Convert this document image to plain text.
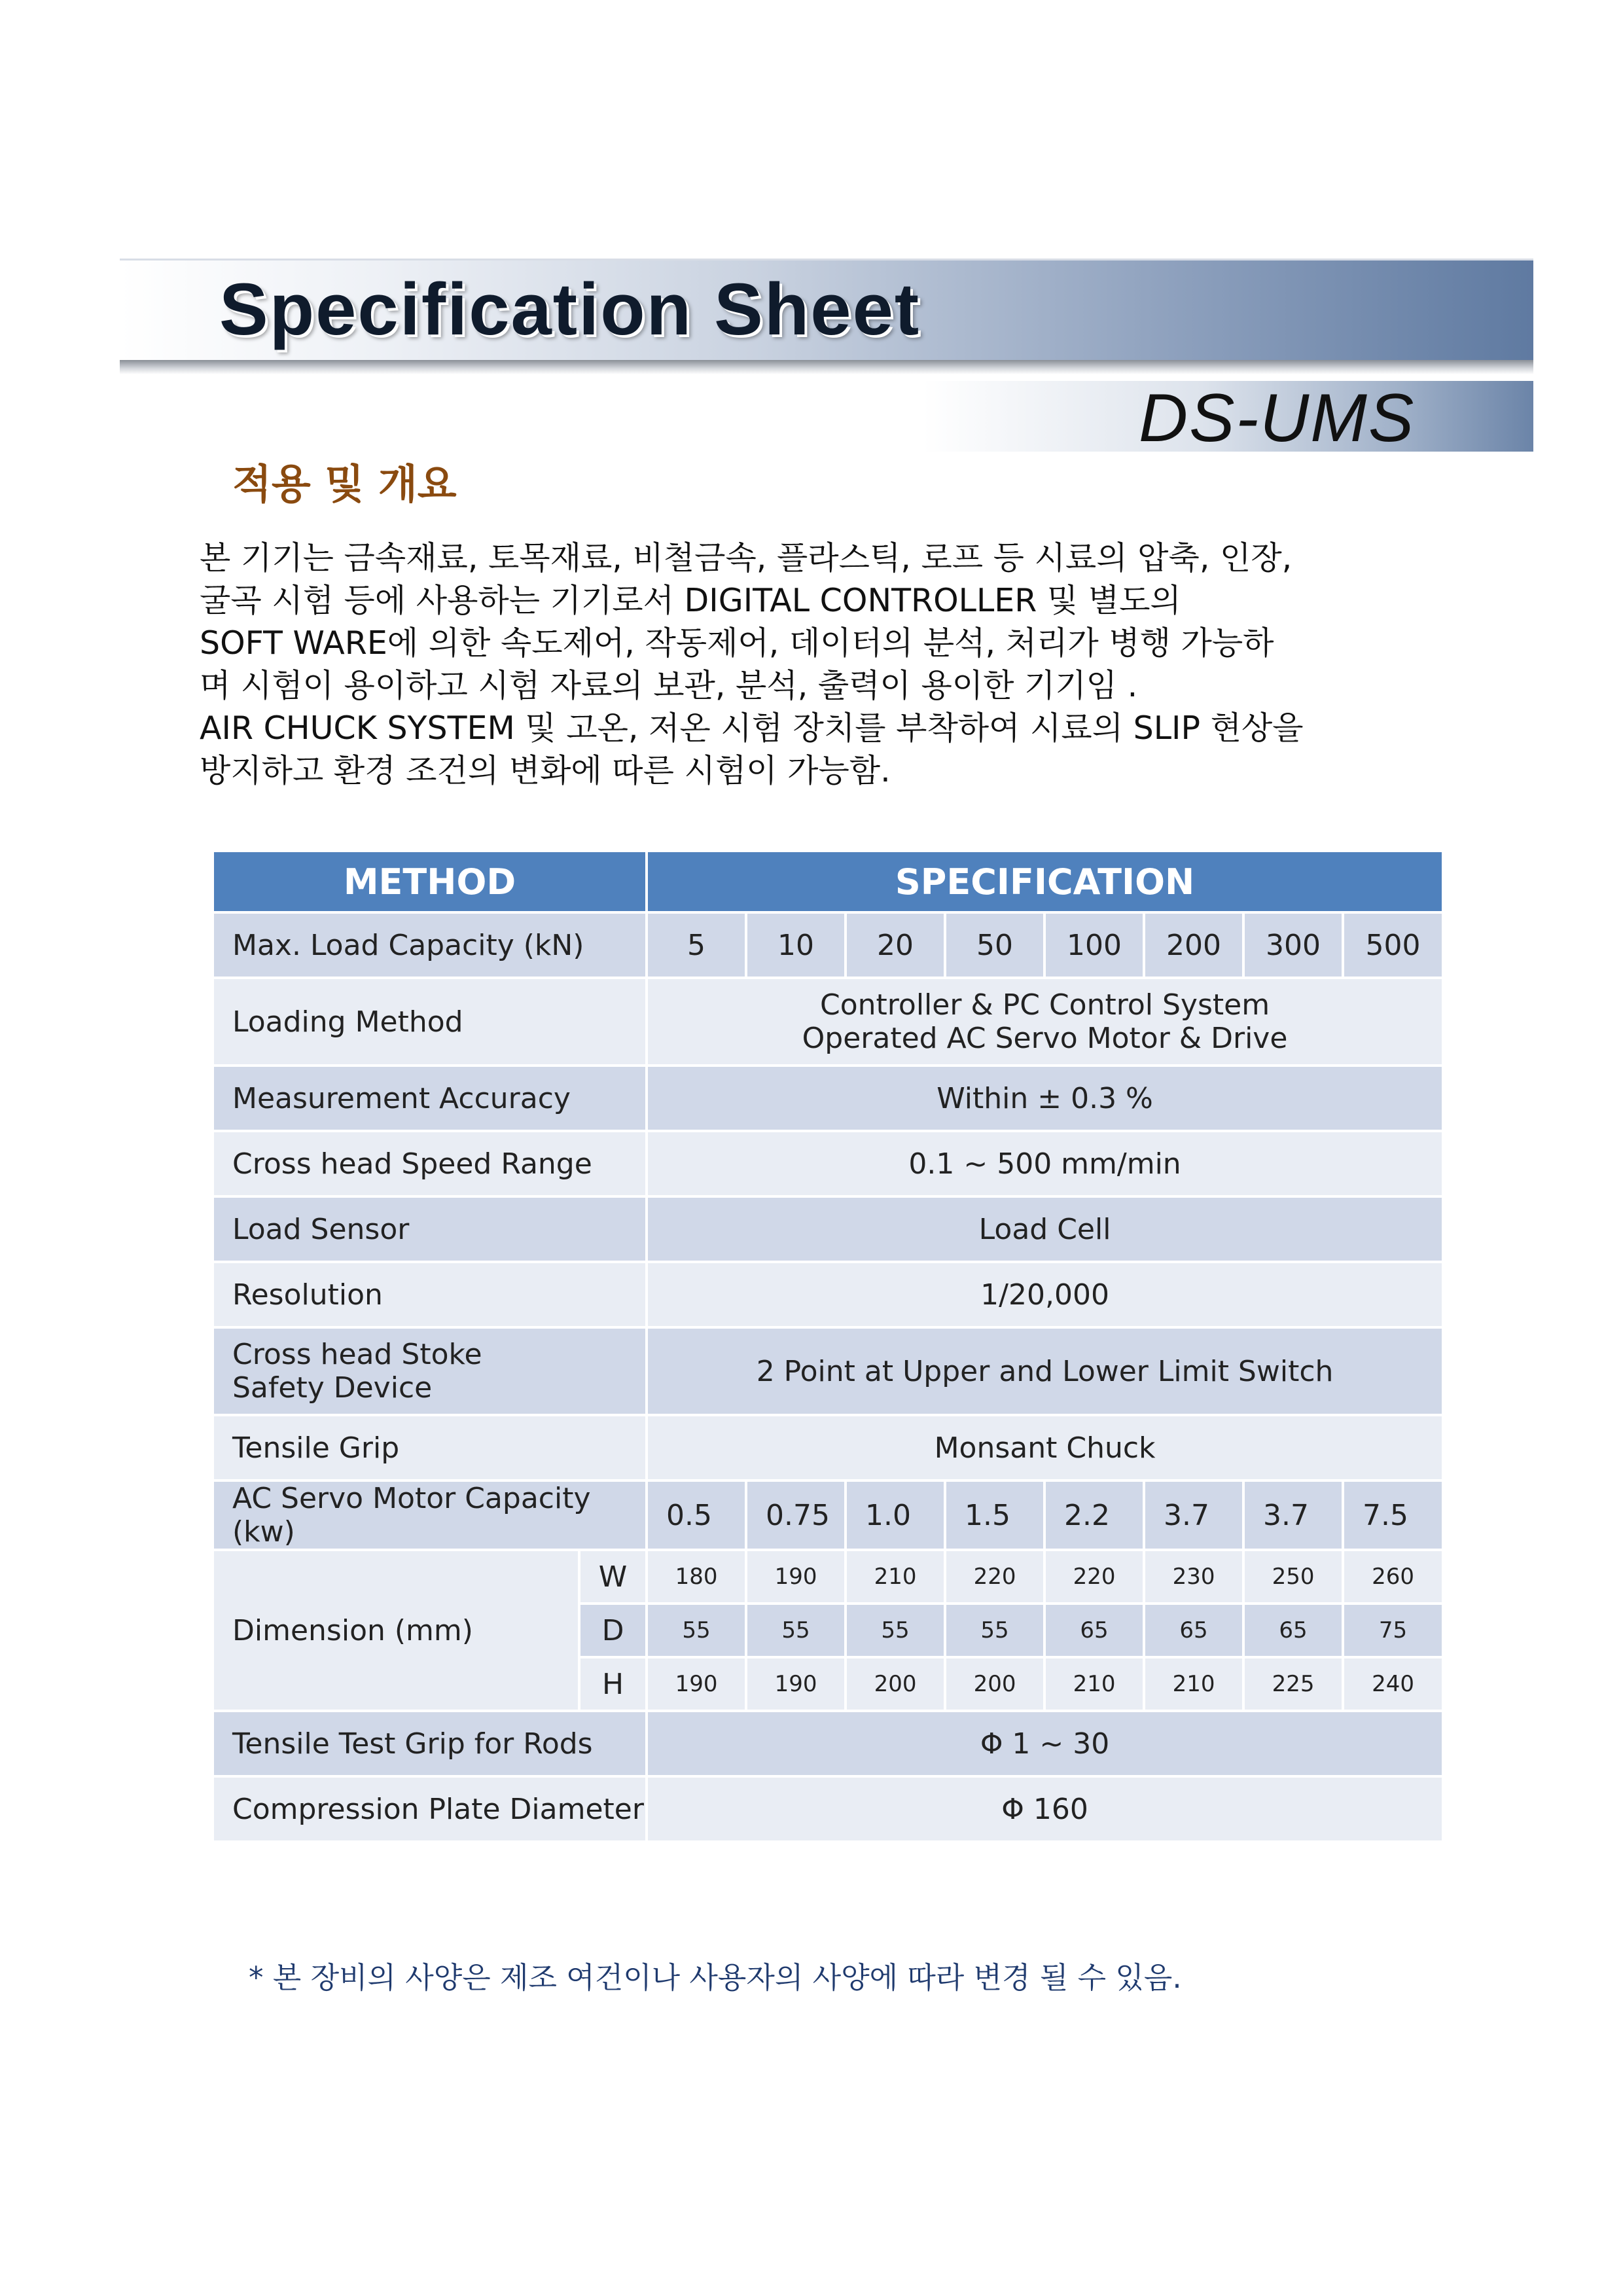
Specification Sheet
DS-UMS
적용 및 개요
본 기기는 금속재료, 토목재료, 비철금속, 플라스틱, 로프 등 시료의 압축, 인장,
굴곡 시험 등에 사용하는 기기로서 DIGITAL CONTROLLER 및 별도의
SOFT WARE에 의한 속도제어, 작동제어, 데이터의 분석, 처리가 병행 가능하
며 시험이 용이하고 시험 자료의 보관, 분석, 출력이 용이한 기기임 .
AIR CHUCK SYSTEM 및 고온, 저온 시험 장치를 부착하여 시료의 SLIP 현상을
방지하고 환경 조건의 변화에 따른 시험이 가능함.
METHOD		SPECIFICATION							
Max. Load Capacity (kN)		5	10	20	50	100	200	300	500
Loading Method		Controller & PC Control System
Operated AC Servo Motor & Drive							

Measurement Accuracy		Within ± 0.3 %							
Cross head Speed Range		0.1 ~ 500 mm/min							
Load Sensor		Load Cell							
Resolution		1/20,000							
Cross head Stoke Safety Device		2 Point at Upper and Lower Limit Switch							
Tensile Grip		Monsant Chuck							
AC Servo Motor Capacity (kw)		0.5	0.75	1.0	1.5	2.2	3.7	3.7	7.5
Dimension (mm)	W	180	190	210	220	220	230	250	260
	D	55	55	55	55	65	65	65	75
	H	190	190	200	200	210	210	225	240
Tensile Test Grip for Rods		Φ 1 ~ 30							
Compression Plate Diameter		Φ 160							
* 본 장비의 사양은 제조 여건이나 사용자의 사양에 따라 변경 될 수 있음.
